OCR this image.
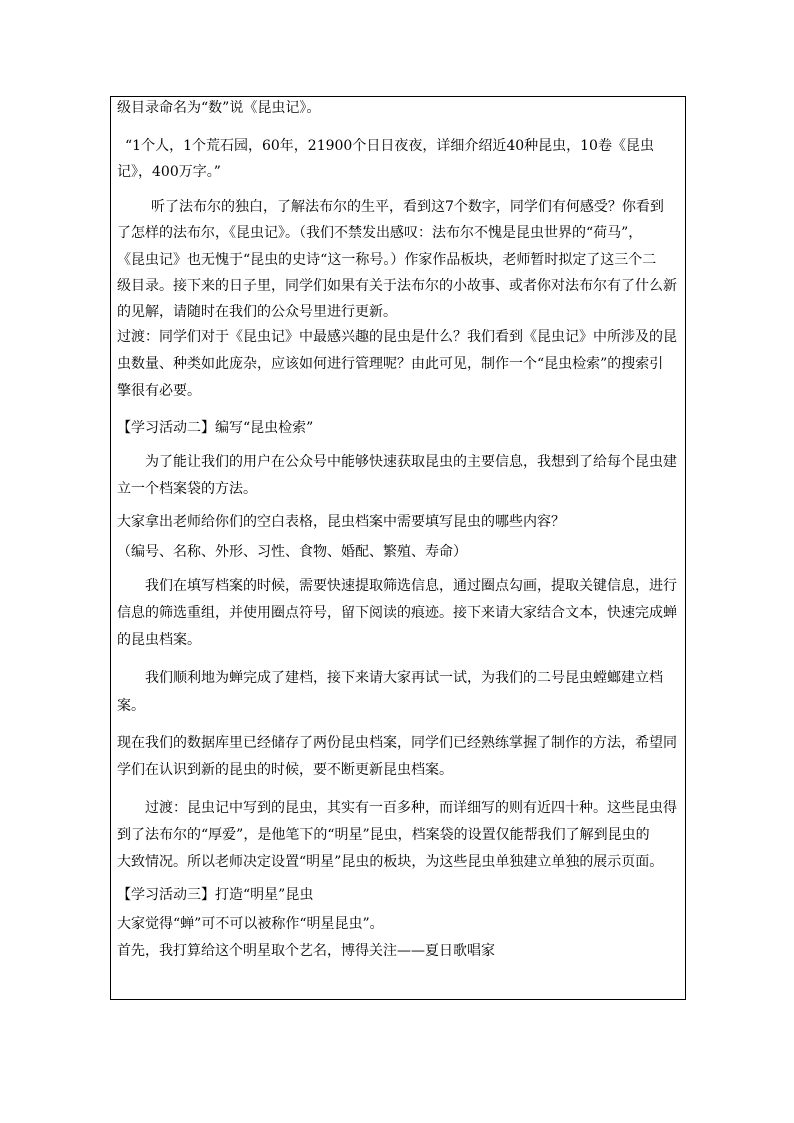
级目录命名为“数”说《昆虫记》。
“1个人，1个荒石园，60年，21900个日日夜夜，详细介绍近40种昆虫，10卷《昆虫
记》，400万字。”
听了法布尔的独白，了解法布尔的生平，看到这7个数字，同学们有何感受？你看到
了怎样的法布尔，《昆虫记》。（我们不禁发出感叹：法布尔不愧是昆虫世界的“荷马”，
《昆虫记》也无愧于“昆虫的史诗“这一称号。）作家作品板块，老师暂时拟定了这三个二
级目录。接下来的日子里，同学们如果有关于法布尔的小故事、或者你对法布尔有了什么新
的见解，请随时在我们的公众号里进行更新。
过渡：同学们对于《昆虫记》中最感兴趣的昆虫是什么？我们看到《昆虫记》中所涉及的昆
虫数量、种类如此庞杂，应该如何进行管理呢？由此可见，制作一个“昆虫检索”的搜索引
擎很有必要。
【学习活动二】编写“昆虫检索”
为了能让我们的用户在公众号中能够快速获取昆虫的主要信息，我想到了给每个昆虫建
立一个档案袋的方法。
大家拿出老师给你们的空白表格，昆虫档案中需要填写昆虫的哪些内容？
（编号、名称、外形、习性、食物、婚配、繁殖、寿命）
我们在填写档案的时候，需要快速提取筛选信息，通过圈点勾画，提取关键信息，进行
信息的筛选重组，并使用圈点符号，留下阅读的痕迹。接下来请大家结合文本，快速完成蝉
的昆虫档案。
我们顺利地为蝉完成了建档，接下来请大家再试一试，为我们的二号昆虫螳螂建立档
案。
现在我们的数据库里已经储存了两份昆虫档案，同学们已经熟练掌握了制作的方法，希望同
学们在认识到新的昆虫的时候，要不断更新昆虫档案。
过渡：昆虫记中写到的昆虫，其实有一百多种，而详细写的则有近四十种。这些昆虫得
到了法布尔的“厚爱”，是他笔下的“明星”昆虫，档案袋的设置仅能帮我们了解到昆虫的
大致情况。所以老师决定设置“明星”昆虫的板块，为这些昆虫单独建立单独的展示页面。
【学习活动三】打造“明星”昆虫
大家觉得“蝉”可不可以被称作“明星昆虫”。
首先，我打算给这个明星取个艺名，博得关注——夏日歌唱家
